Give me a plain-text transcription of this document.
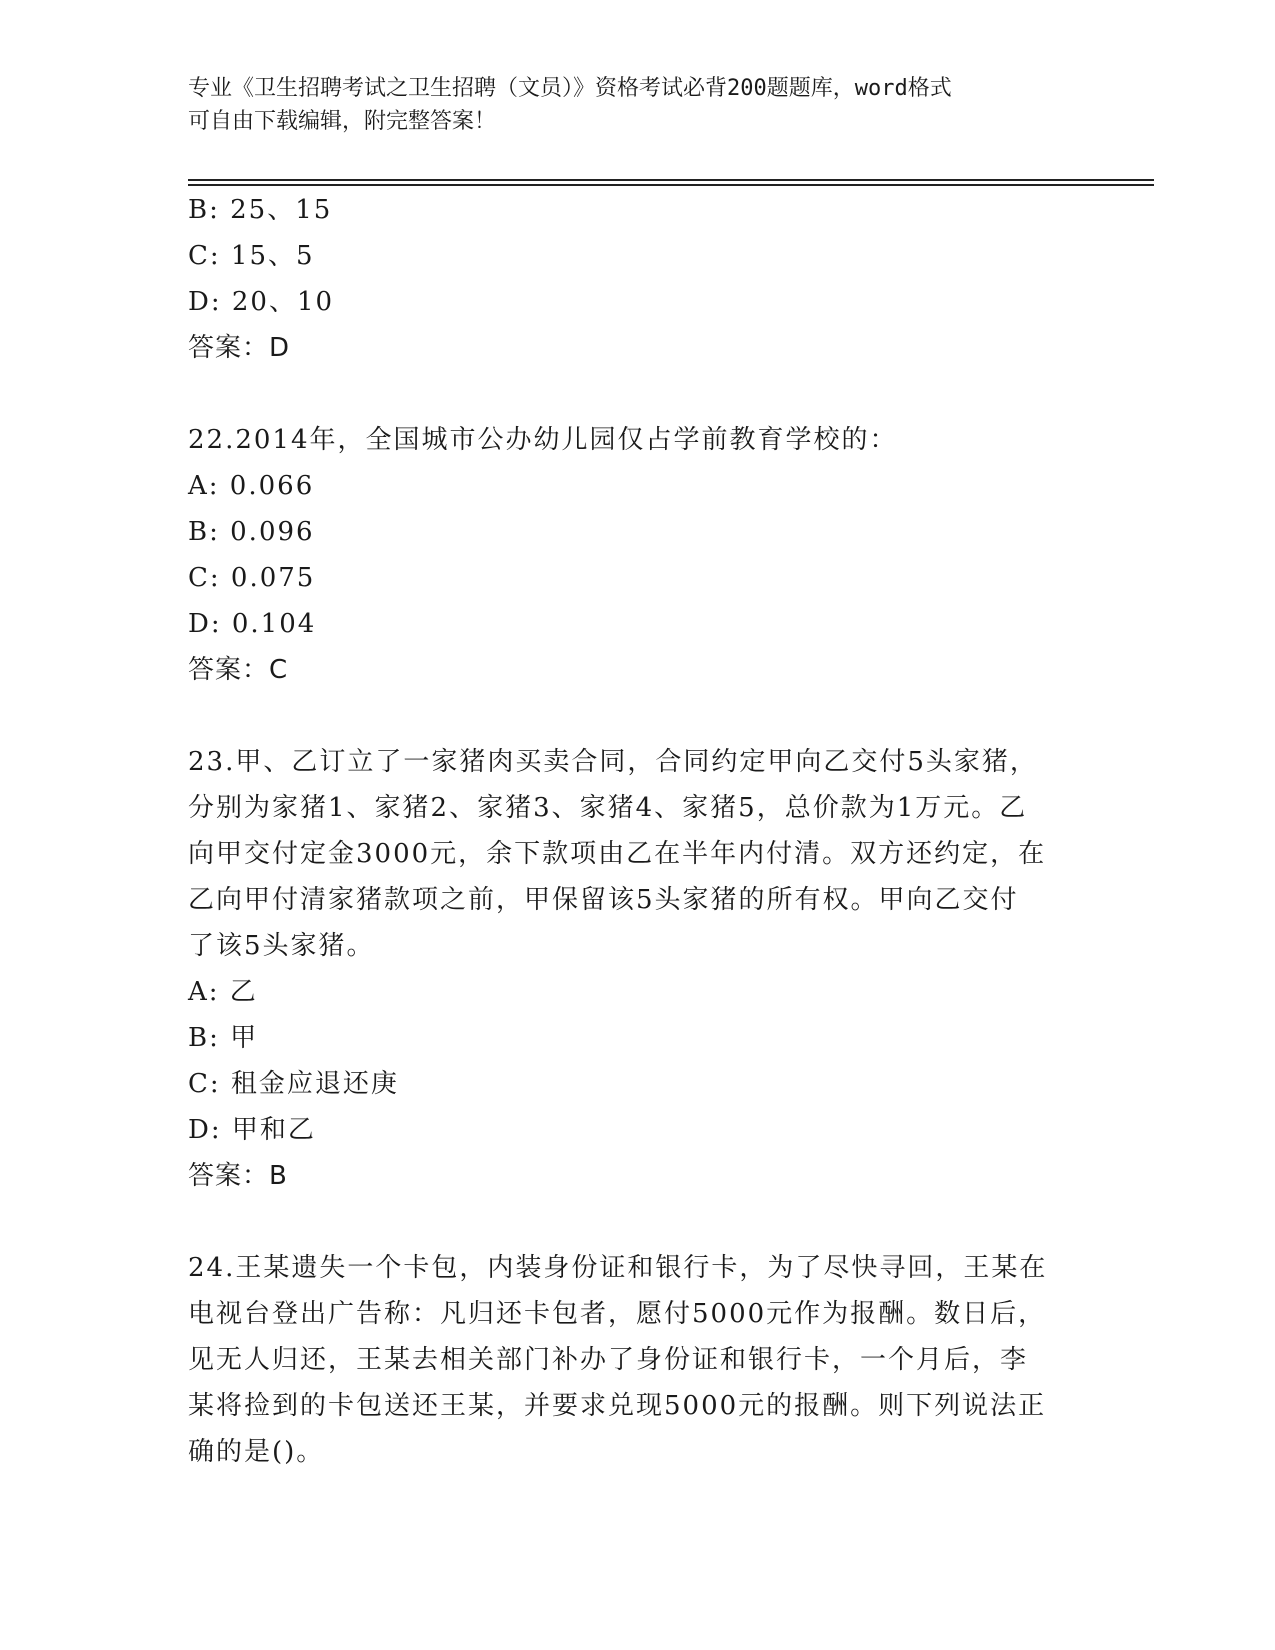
专业《卫生招聘考试之卫生招聘（文员）》资格考试必背200题题库，word格式
可自由下载编辑，附完整答案！
B: 25、15
C: 15、5
D: 20、10
答案：D
22.2014年，全国城市公办幼儿园仅占学前教育学校的：
A: 0.066
B: 0.096
C: 0.075
D: 0.104
答案：C
23.甲、乙订立了一家猪肉买卖合同，合同约定甲向乙交付5头家猪，
分别为家猪1、家猪2、家猪3、家猪4、家猪5，总价款为1万元。乙
向甲交付定金3000元，余下款项由乙在半年内付清。双方还约定，在
乙向甲付清家猪款项之前，甲保留该5头家猪的所有权。甲向乙交付
了该5头家猪。
A: 乙
B: 甲
C: 租金应退还庚
D: 甲和乙
答案：B
24.王某遗失一个卡包，内装身份证和银行卡，为了尽快寻回，王某在
电视台登出广告称：凡归还卡包者，愿付5000元作为报酬。数日后，
见无人归还，王某去相关部门补办了身份证和银行卡，一个月后，李
某将捡到的卡包送还王某，并要求兑现5000元的报酬。则下列说法正
确的是()。
